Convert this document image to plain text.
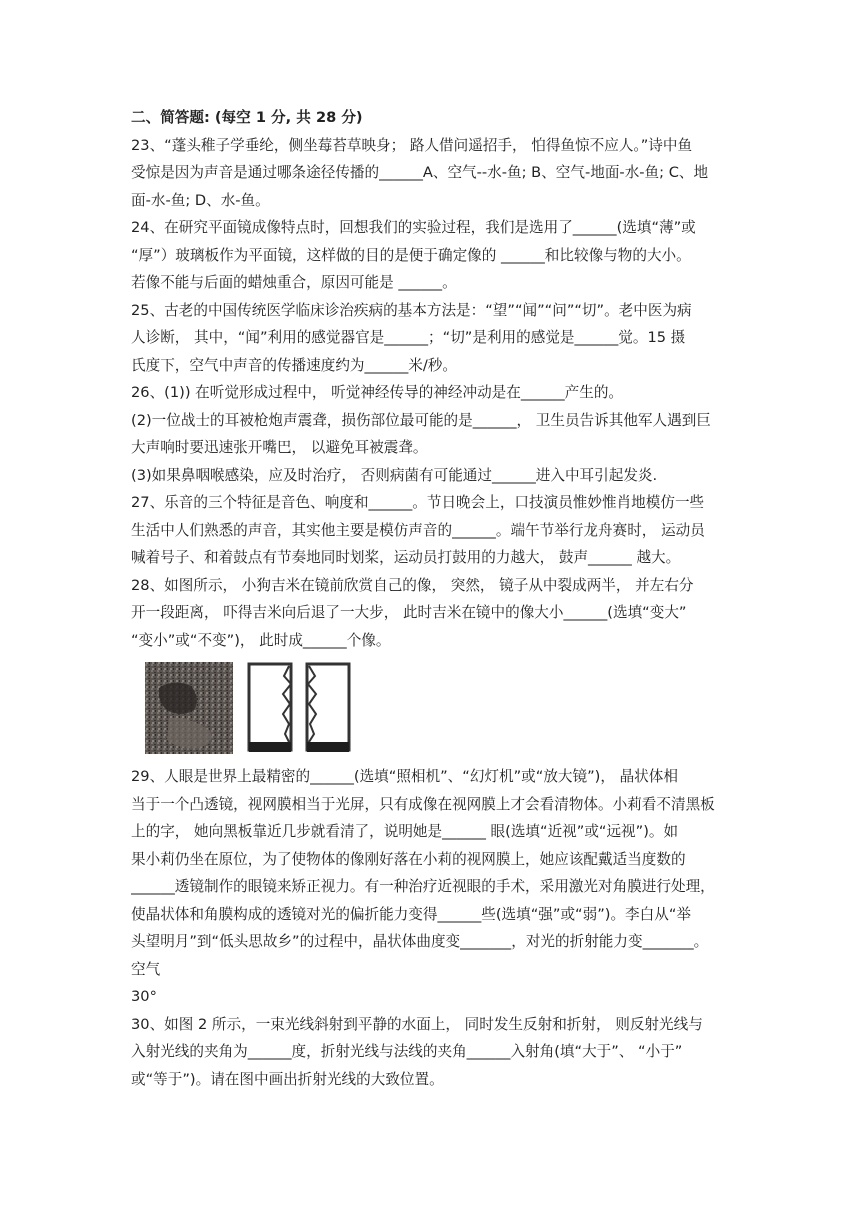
二、简答题: (每空 1 分, 共 28 分)
23、“蓬头稚子学垂纶，侧坐莓苔草映身； 路人借问遥招手， 怕得鱼惊不应人。”诗中鱼
受惊是因为声音是通过哪条途径传播的______A、空气--水-鱼; B、空气-地面-水-鱼; C、地
面-水-鱼; D、水-鱼。
24、在研究平面镜成像特点时，回想我们的实验过程，我们是选用了______(选填“薄”或
“厚”）玻璃板作为平面镜，这样做的目的是便于确定像的 ______和比较像与物的大小。
若像不能与后面的蜡烛重合，原因可能是 ______。
25、古老的中国传统医学临床诊治疾病的基本方法是：“望”“闻”“问”“切”。老中医为病
人诊断， 其中，“闻”利用的感觉器官是______；“切”是利用的感觉是______觉。15 摄
氏度下，空气中声音的传播速度约为______米/秒。
26、(1)) 在听觉形成过程中， 听觉神经传导的神经冲动是在______产生的。
(2)一位战士的耳被枪炮声震聋，损伤部位最可能的是______， 卫生员告诉其他军人遇到巨
大声响时要迅速张开嘴巴， 以避免耳被震聋。
(3)如果鼻咽喉感染，应及时治疗， 否则病菌有可能通过______进入中耳引起发炎.
27、乐音的三个特征是音色、响度和______。节日晚会上，口技演员惟妙惟肖地模仿一些
生活中人们熟悉的声音，其实他主要是模仿声音的______。端午节举行龙舟赛时， 运动员
喊着号子、和着鼓点有节奏地同时划桨，运动员打鼓用的力越大， 鼓声______ 越大。
28、如图所示， 小狗吉米在镜前欣赏自己的像， 突然， 镜子从中裂成两半， 并左右分
开一段距离， 吓得吉米向后退了一大步， 此时吉米在镜中的像大小______(选填“变大”
“变小”或“不变”)， 此时成______个像。
29、人眼是世界上最精密的______(选填“照相机”、“幻灯机”或“放大镜”)， 晶状体相
当于一个凸透镜，视网膜相当于光屏，只有成像在视网膜上才会看清物体。小莉看不清黑板
上的字， 她向黑板靠近几步就看清了，说明她是______ 眼(选填“近视”或“远视”)。如
果小莉仍坐在原位，为了使物体的像刚好落在小莉的视网膜上，她应该配戴适当度数的
______透镜制作的眼镜来矫正视力。有一种治疗近视眼的手术，采用激光对角膜进行处理，
使晶状体和角膜构成的透镜对光的偏折能力变得______些(选填“强”或“弱”)。李白从“举
头望明月”到“低头思故乡”的过程中，晶状体曲度变_______，对光的折射能力变_______。
空气
30°
30、如图 2 所示，一束光线斜射到平静的水面上， 同时发生反射和折射， 则反射光线与
入射光线的夹角为______度，折射光线与法线的夹角______入射角(填“大于”、 “小于”
或“等于”)。请在图中画出折射光线的大致位置。
